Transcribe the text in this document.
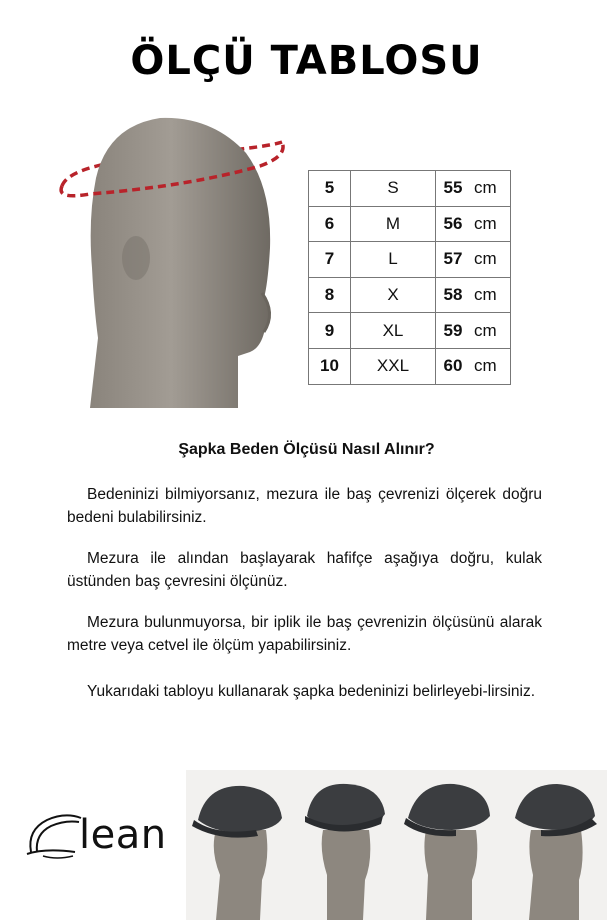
ÖLÇÜ TABLOSU
5	S	55 cm
6	M	56 cm
7	L	57 cm
8	X	58 cm
9	XL	59 cm
10	XXL	60 cm
Şapka Beden Ölçüsü Nasıl Alınır?

Bedeninizi bilmiyorsanız, mezura ile baş çevrenizi ölçerek doğru bedeni bulabilirsiniz.

Mezura ile alından başlayarak hafifçe aşağıya doğru, kulak üstünden baş çevresini ölçünüz.

Mezura bulunmuyorsa, bir iplik ile baş çevrenizin ölçüsünü alarak metre veya cetvel ile ölçüm yapabilirsiniz.

Yukarıdaki tabloyu kullanarak şapka bedeninizi belirleyebi-lirsiniz.

lean
